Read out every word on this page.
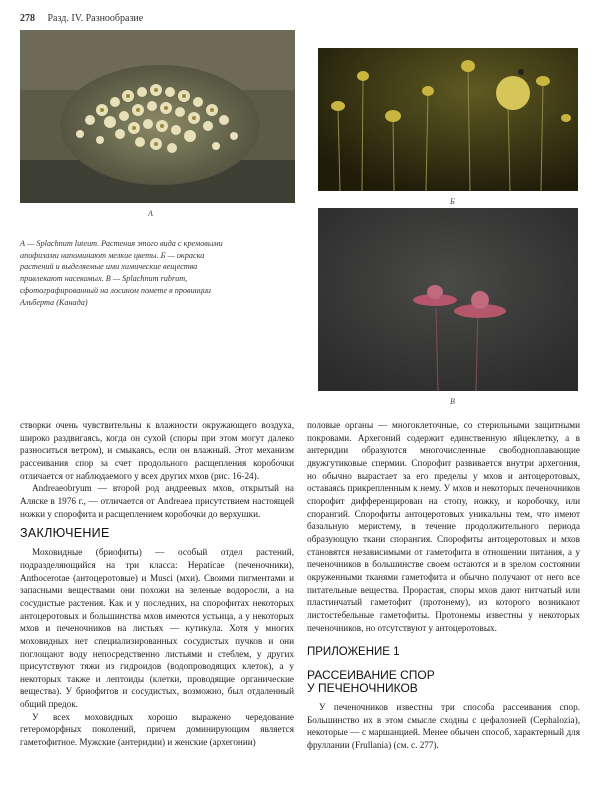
278 Разд. IV. Разнообразие
А
Б
А — Splachnum luteum. Растения этого вида с кремовыми апофизами напоминают мелкие цветы. Б — окраска растений и выделяемые ими химические вещества привлекают насекомых. В — Splachnum rubrum, сфотографированный на лосином помете в провинции Альберта (Канада)
В

створки очень чувствительны к влажности окружающего воздуха, широко раздвигаясь, когда он сухой (споры при этом могут далеко разноситься ветром), и смыкаясь, если он влажный. Этот механизм рассеивания спор за счет продольного расщепления коробочки отличается от наблюдаемого у всех других мхов (рис. 16-24).

Andreaeobryum — второй род андреевых мхов, открытый на Аляске в 1976 г., — отличается от Andreaea присутствием настоящей ножки у спорофита и расщеплением коробочки до верхушки.

ЗАКЛЮЧЕНИЕ

Моховидные (бриофиты) — особый отдел растений, подразделяющийся на три класса: Hepaticae (печеночники), Anthocerotae (антоцеротовые) и Musci (мхи). Своими пигментами и запасными веществами они похожи на зеленые водоросли, а на сосудистые растения. Как и у последних, на спорофитах некоторых антоцеротовых и большинства мхов имеются устьица, а у некоторых мхов и печеночников на листьях — кутикула. Хотя у многих моховидных нет специализированных сосудистых пучков и они поглощают воду непосредственно листьями и стеблем, у других присутствуют тяжи из гидроидов (водопроводящих клеток), а у некоторых также и лептоиды (клетки, проводящие органические вещества). У бриофитов и сосудистых, возможно, был отдаленный общий предок.

У всех моховидных хорошо выражено чередование гетероморфных поколений, причем доминирующим является гаметофитное. Мужские (антеридии) и женские (архегонии)

половые органы — многоклеточные, со стерильными защитными покровами. Архегоний содержит единственную яйцеклетку, а в антеридии образуются многочисленные свободноплавающие двужгутиковые спермии. Спорофит развивается внутри архегония, но обычно вырастает за его пределы у мхов и антоцеротовых, оставаясь прикрепленным к нему. У мхов и некоторых печеночников спорофит дифференцирован на стопу, ножку, и коробочку, или спорангий. Спорофиты антоцеротовых уникальны тем, что имеют базальную меристему, в течение продолжительного периода образующую ткани спорангия. Спорофиты антоцеротовых и мхов становятся независимыми от гаметофита в отношении питания, а у печеночников в большинстве своем остаются и в зрелом состоянии окруженными тканями гаметофита и обычно получают от него все питательные вещества. Прорастая, споры мхов дают нитчатый или пластинчатый гаметофит (протонему), из которого возникают листостебельные гаметофиты. Протонемы известны у некоторых печеночников, но отсутствуют у антоцеротовых.

ПРИЛОЖЕНИЕ 1
РАССЕИВАНИЕ СПОР
У ПЕЧЕНОЧНИКОВ

У печеночников известны три способа рассеивания спор. Большинство их в этом смысле сходны с цефалозией (Cephalozia), некоторые — с маршанцией. Менее обычен способ, характерный для фруллании (Frullania) (см. с. 277).
